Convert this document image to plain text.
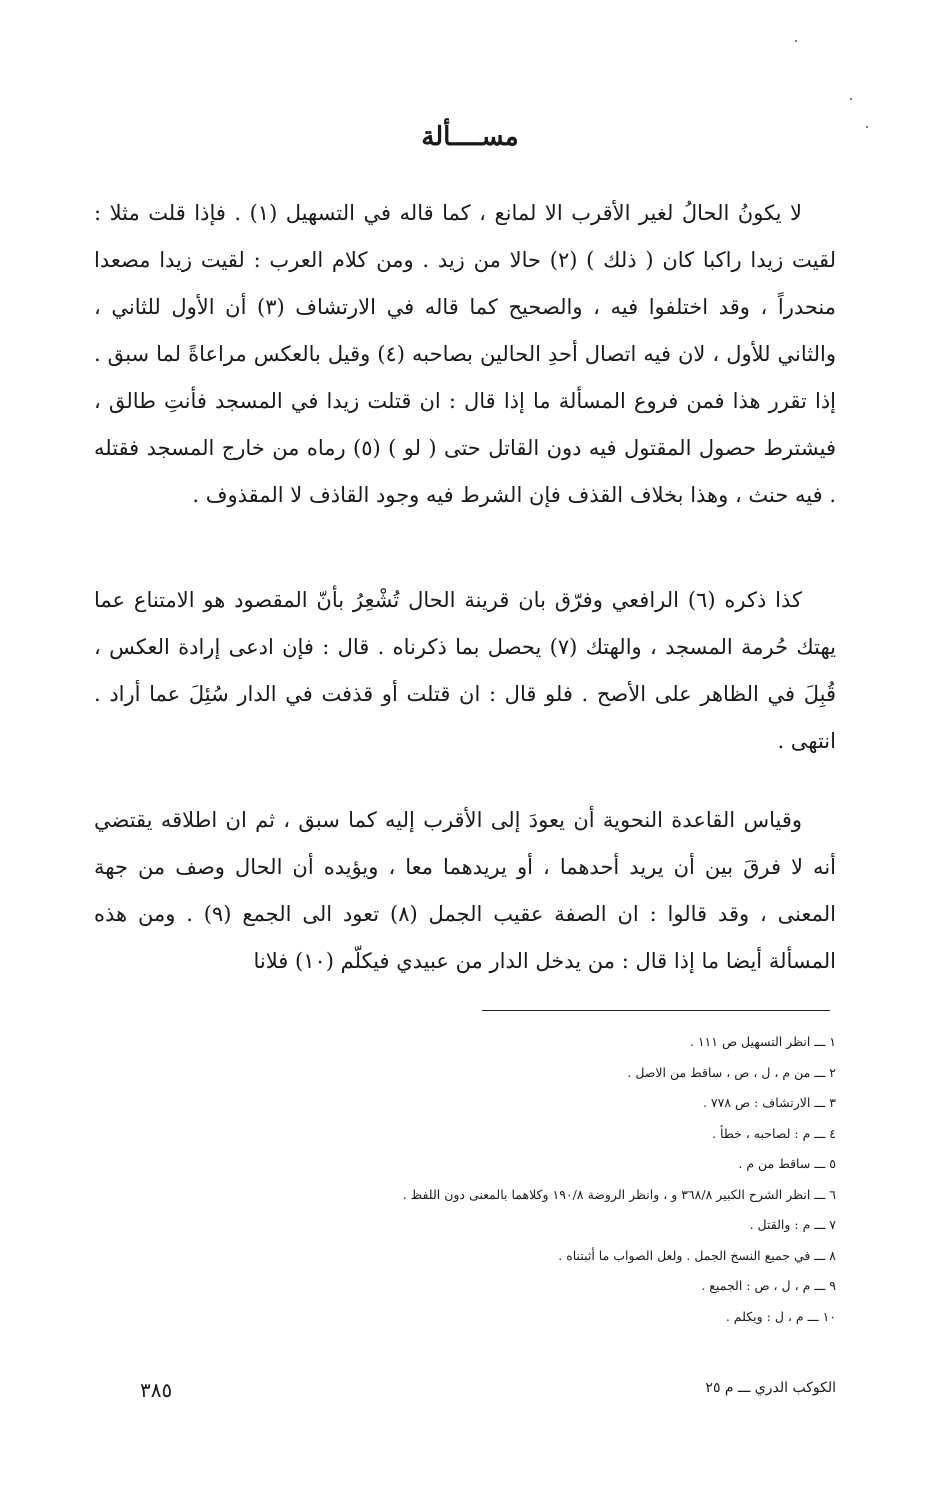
مســــألة

لا يكونُ الحالُ لغير الأقرب الا لمانع ، كما قاله في التسهيل (١) . فإذا قلت مثلا : لقيت زيدا راكبا كان ( ذلك ) (٢) حالا من زيد . ومن كلام العرب : لقيت زيدا مصعدا منحدراً ، وقد اختلفوا فيه ، والصحيح كما قاله في الارتشاف (٣) أن الأول للثاني ، والثاني للأول ، لان فيه اتصال أحدِ الحالين بصاحبه (٤) وقيل بالعكس مراعاةً لما سبق . إذا تقرر هذا فمن فروع المسألة ما إذا قال : ان قتلت زيدا في المسجد فأنتِ طالق ، فيشترط حصول المقتول فيه دون القاتل حتى ( لو ) (٥) رماه من خارج المسجد فقتله . فيه حنث ، وهذا بخلاف القذف فإن الشرط فيه وجود القاذف لا المقذوف .

كذا ذكره (٦) الرافعي وفرّق بان قرينة الحال تُشْعِرُ بأنّ المقصود هو الامتناع عما يهتك حُرمة المسجد ، والهتك (٧) يحصل بما ذكرناه . قال : فإن ادعى إرادة العكس ، قُبِلَ في الظاهر على الأصح . فلو قال : ان قتلت أو قذفت في الدار سُئِلَ عما أراد . انتهى .

وقياس القاعدة النحوية أن يعودَ إلى الأقرب إليه كما سبق ، ثم ان اطلاقه يقتضي أنه لا فرقَ بين أن يريد أحدهما ، أو يريدهما معا ، ويؤيده أن الحال وصف من جهة المعنى ، وقد قالوا : ان الصفة عقيب الجمل (٨) تعود الى الجمع (٩) . ومن هذه المسألة أيضا ما إذا قال : من يدخل الدار من عبيدي فيكلّم (١٠) فلانا

١ ـــ انظر التسهيل ص ١١١ .
٢ ـــ من م ، ل ، ص ، ساقط من الاصل .
٣ ـــ الارتشاف : ص ٧٧٨ .
٤ ـــ م : لصاحبه ، خطأ .
٥ ـــ ساقط من م .
٦ ـــ انظر الشرح الكبير ٣٦٨/٨ و ، وانظر الروضة ١٩٠/٨ وكلاهما بالمعنى دون اللفظ .
٧ ـــ م : والقتل .
٨ ـــ في جميع النسخ الجمل . ولعل الصواب ما أثبتناه .
٩ ـــ م ، ل ، ص : الجميع .
١٠ ـــ م ، ل : ويكلم .
٣٨٥	الكوكب الدري ـــ م ٢٥
